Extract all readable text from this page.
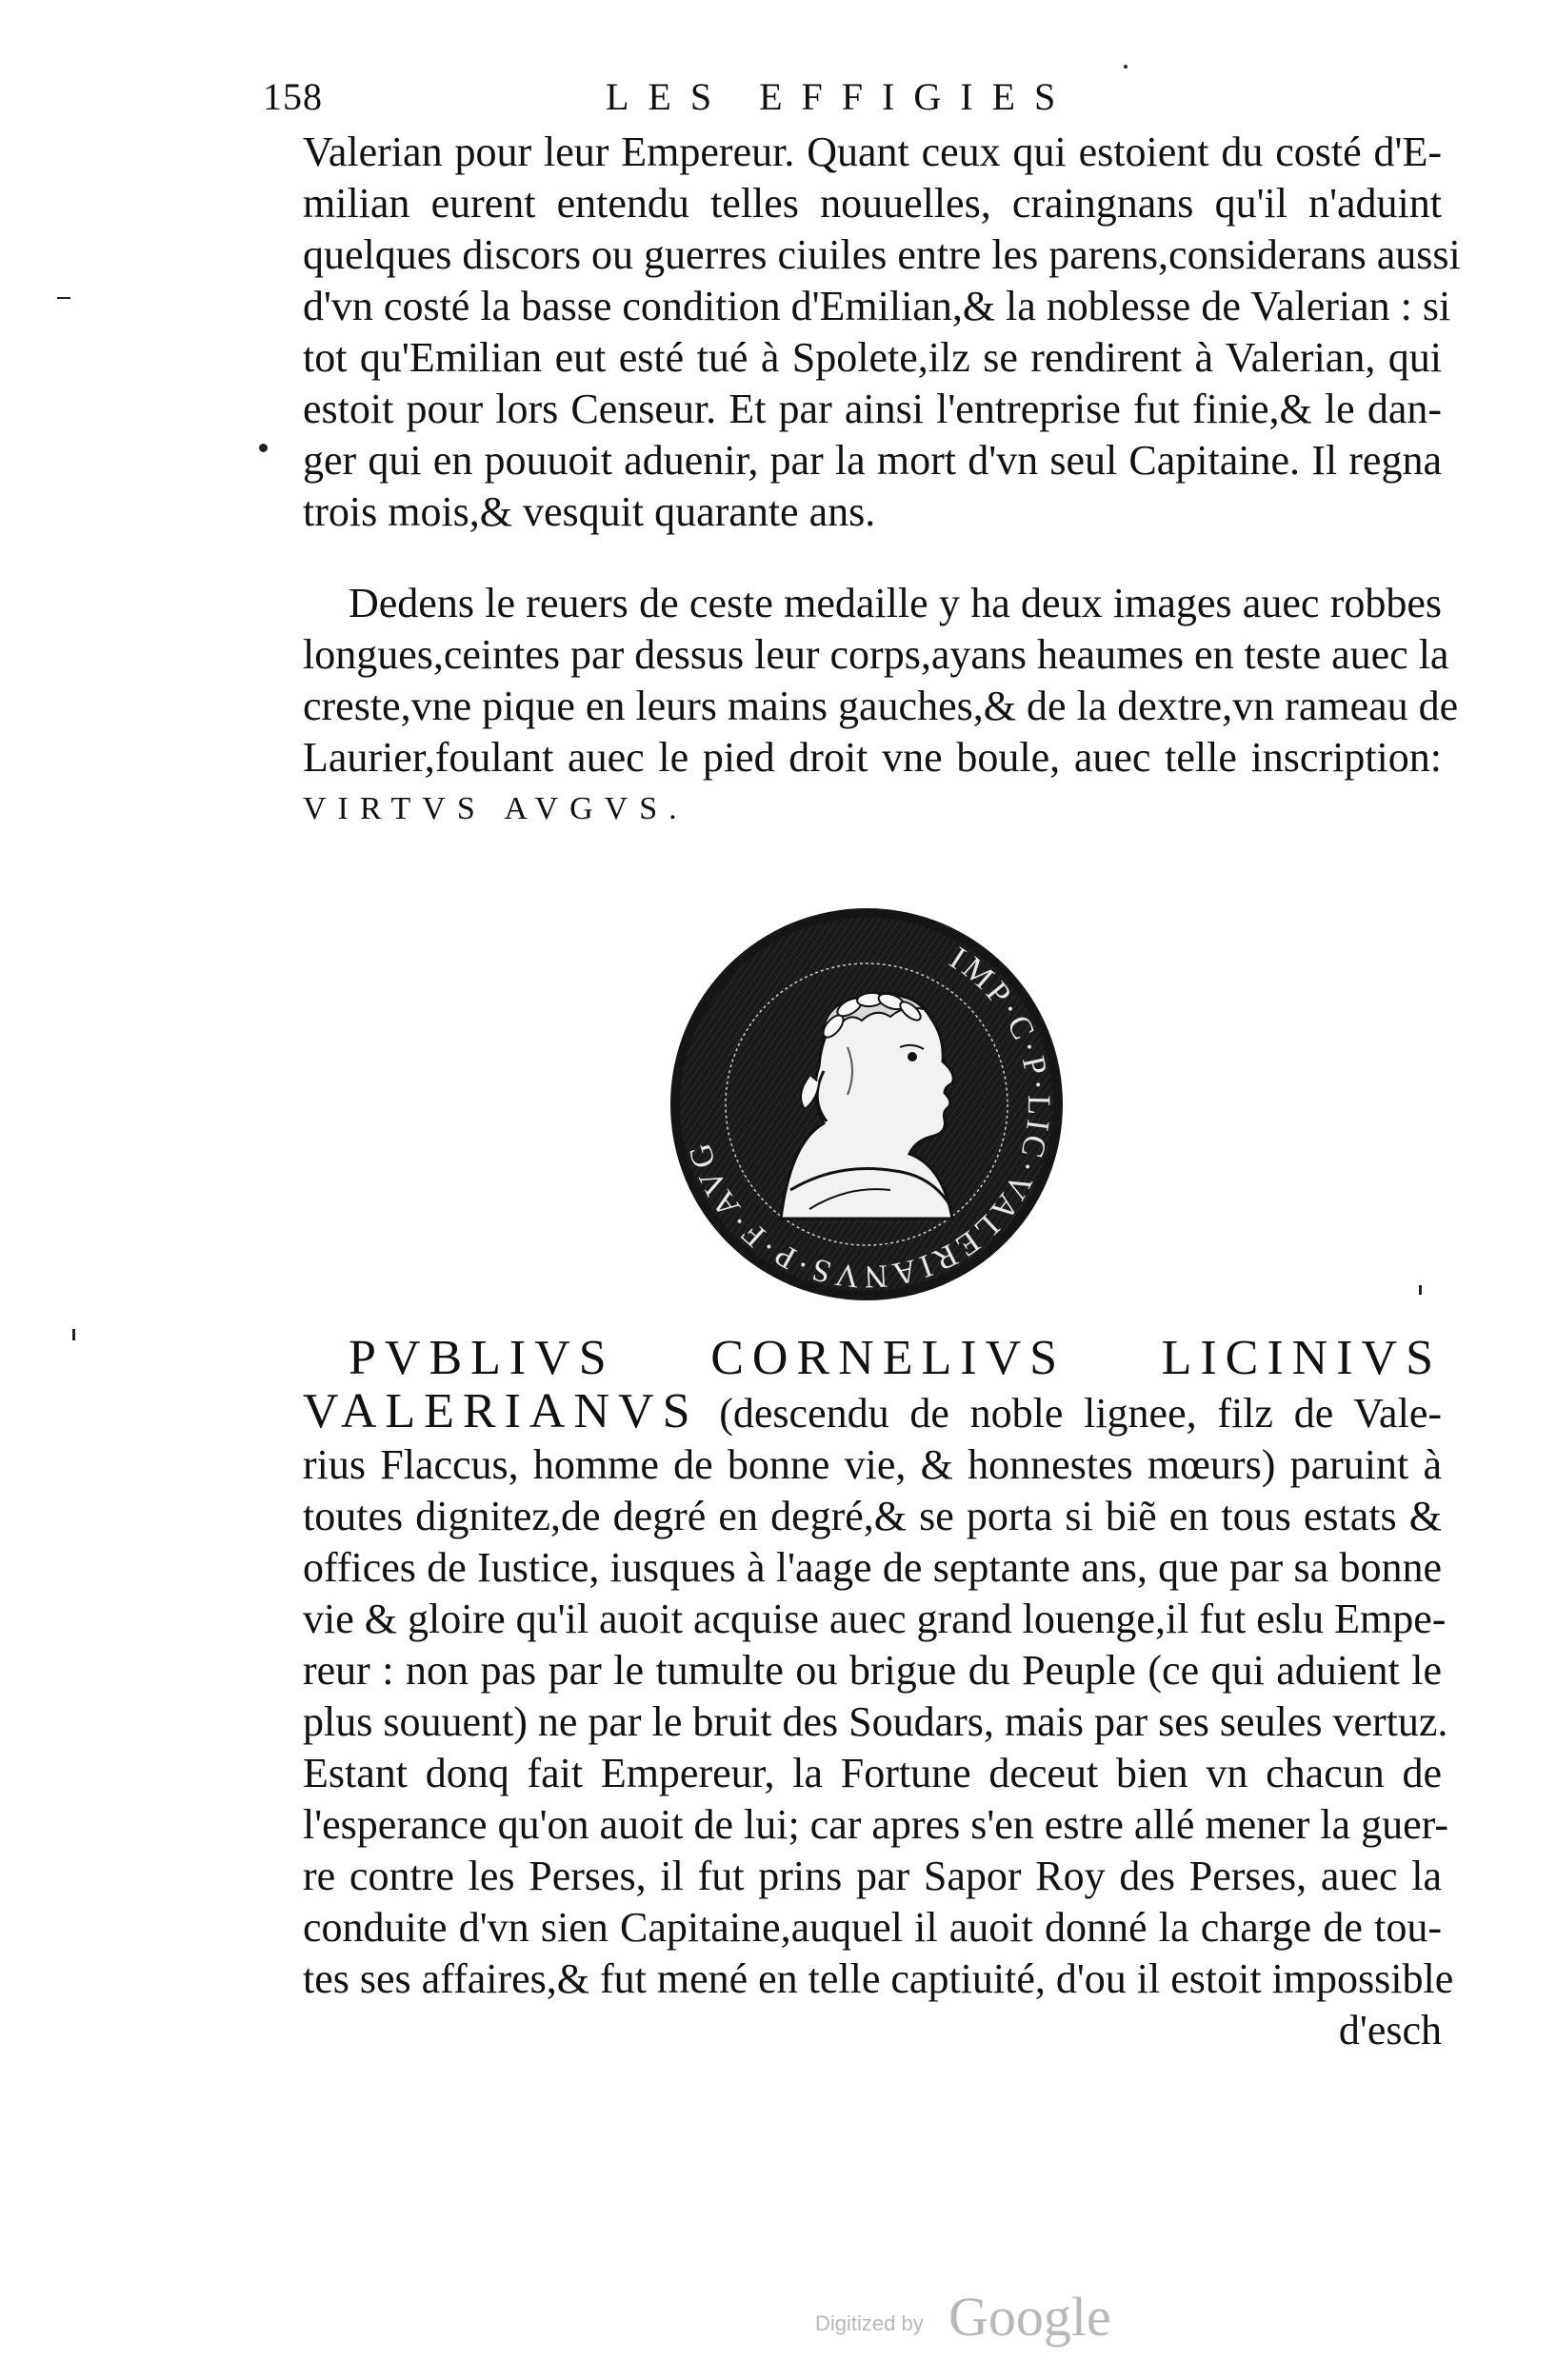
158	LES EFFIGIES
Valerian pour leur Empereur. Quant ceux qui estoient du costé d'E-
milian eurent entendu telles nouuelles, craingnans qu'il n'aduint
quelques discors ou guerres ciuiles entre les parens,considerans aussi
d'vn costé la basse condition d'Emilian,& la noblesse de Valerian : si
tot qu'Emilian eut esté tué à Spolete,ilz se rendirent à Valerian, qui
estoit pour lors Censeur. Et par ainsi l'entreprise fut finie,& le dan-
ger qui en pouuoit aduenir, par la mort d'vn seul Capitaine. Il regna
trois mois,& vesquit quarante ans.
Dedens le reuers de ceste medaille y ha deux images auec robbes
longues,ceintes par dessus leur corps,ayans heaumes en teste auec la
creste,vne pique en leurs mains gauches,& de la dextre,vn rameau de
Laurier,foulant auec le pied droit vne boule, auec telle inscription:
VIRTVS AVGVS.
IMP·C·P·LIC·VALERIANVS·P·F·AVG
PVBLIVS CORNELIVS LICINIVS
VALERIANVS (descendu de noble lignee, filz de Vale-
rius Flaccus, homme de bonne vie, & honnestes mœurs) paruint à
toutes dignitez,de degré en degré,& se porta si biẽ en tous estats &
offices de Iustice, iusques à l'aage de septante ans, que par sa bonne
vie & gloire qu'il auoit acquise auec grand louenge,il fut eslu Empe-
reur : non pas par le tumulte ou brigue du Peuple (ce qui aduient le
plus souuent) ne par le bruit des Soudars, mais par ses seules vertuz.
Estant donq fait Empereur, la Fortune deceut bien vn chacun de
l'esperance qu'on auoit de lui; car apres s'en estre allé mener la guer-
re contre les Perses, il fut prins par Sapor Roy des Perses, auec la
conduite d'vn sien Capitaine,auquel il auoit donné la charge de tou-
tes ses affaires,& fut mené en telle captiuité, d'ou il estoit impossible
d'esch
Digitized by Google
